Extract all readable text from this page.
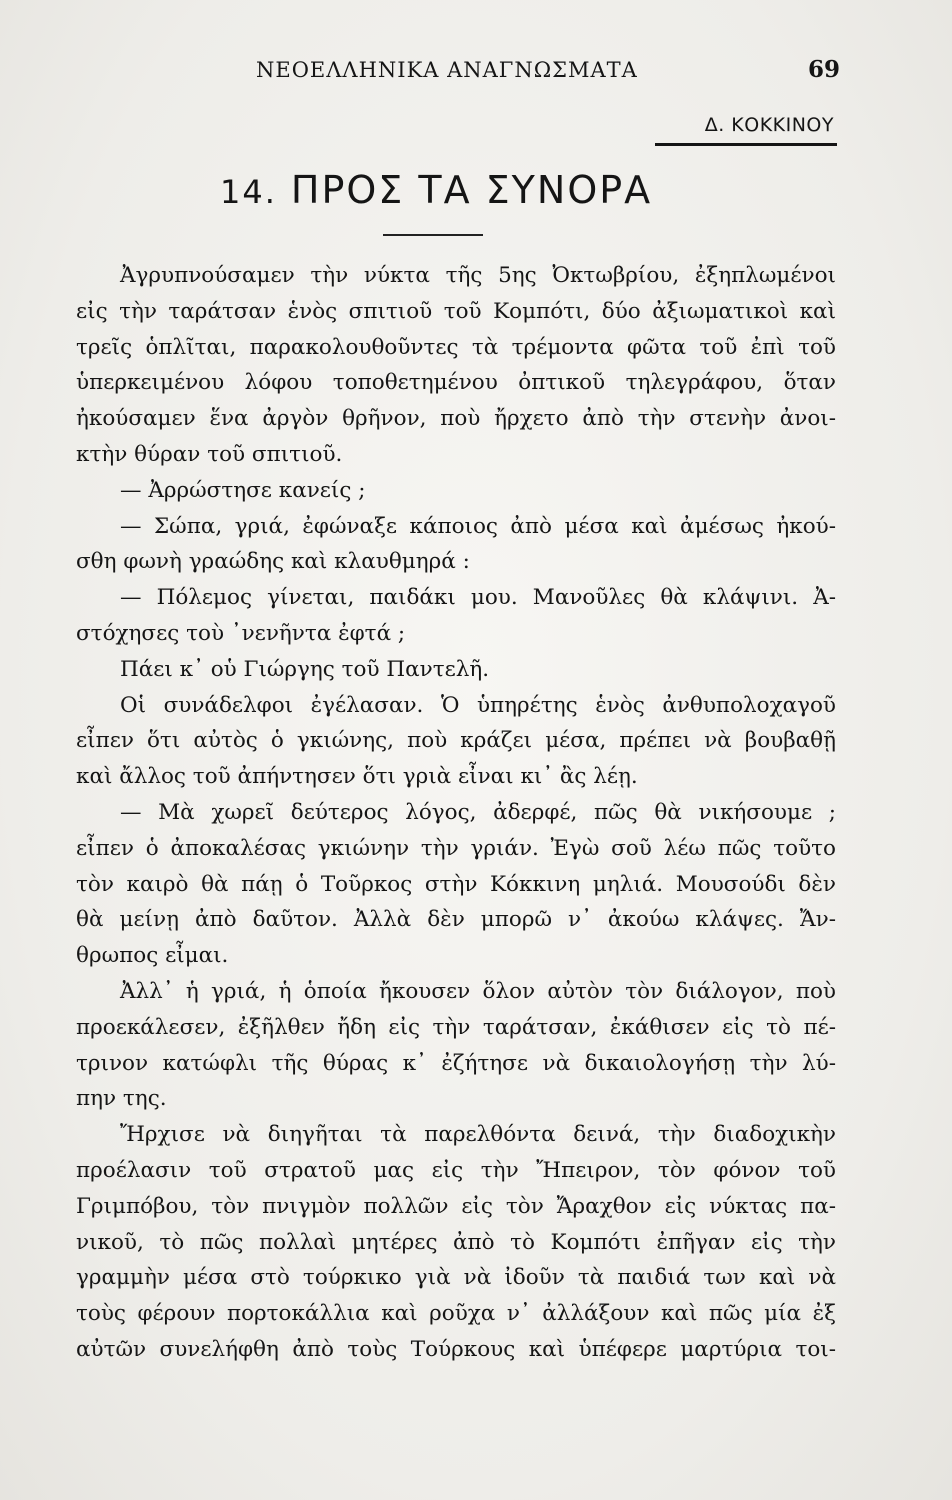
ΝΕΟΕΛΛΗΝΙΚΑ ΑΝΑΓΝΩΣΜΑΤΑ	69
Δ. ΚΟΚΚΙΝΟΥ
14. ΠΡΟΣ ΤΑ ΣΥΝΟΡΑ
Ἀγρυπνούσαμεν τὴν νύκτα τῆς 5ης Ὀκτωβρίου, ἐξηπλωμένοι
εἰς τὴν ταράτσαν ἑνὸς σπιτιοῦ τοῦ Κομπότι, δύο ἀξιωματικοὶ καὶ
τρεῖς ὁπλῖται, παρακολουθοῦντες τὰ τρέμοντα φῶτα τοῦ ἐπὶ τοῦ
ὑπερκειμένου λόφου τοποθετημένου ὀπτικοῦ τηλεγράφου, ὅταν
ἠκούσαμεν ἕνα ἀργὸν θρῆνον, ποὺ ἤρχετο ἀπὸ τὴν στενὴν ἀνοι-
κτὴν θύραν τοῦ σπιτιοῦ.
— Ἀρρώστησε κανείς ;
— Σώπα, γριά, ἐφώναξε κάποιος ἀπὸ μέσα καὶ ἀμέσως ἠκού-
σθη φωνὴ γραώδης καὶ κλαυθμηρά :
— Πόλεμος γίνεται, παιδάκι μου. Μανοῦλες θὰ κλάψινι. Ἀ-
στόχησες τοὺ ᾿νενῆντα ἐφτά ;
Πάει κ᾿ οὑ Γιώργης τοῦ Παντελῆ.
Οἱ συνάδελφοι ἐγέλασαν. Ὁ ὑπηρέτης ἑνὸς ἀνθυπολοχαγοῦ
εἶπεν ὅτι αὐτὸς ὁ γκιώνης, ποὺ κράζει μέσα, πρέπει νὰ βουβαθῇ
καὶ ἄλλος τοῦ ἀπήντησεν ὅτι γριὰ εἶναι κι᾿ ἂς λέῃ.
— Μὰ χωρεῖ δεύτερος λόγος, ἀδερφέ, πῶς θὰ νικήσουμε ;
εἶπεν ὁ ἀποκαλέσας γκιώνην τὴν γριάν. Ἐγὼ σοῦ λέω πῶς τοῦτο
τὸν καιρὸ θὰ πάῃ ὁ Τοῦρκος στὴν Κόκκινη μηλιά. Μουσούδι δὲν
θὰ μείνῃ ἀπὸ δαῦτον. Ἀλλὰ δὲν μπορῶ ν᾿ ἀκούω κλάψες. Ἄν-
θρωπος εἶμαι.
Ἀλλ᾿ ἡ γριά, ἡ ὁποία ἤκουσεν ὅλον αὐτὸν τὸν διάλογον, ποὺ
προεκάλεσεν, ἐξῆλθεν ἤδη εἰς τὴν ταράτσαν, ἐκάθισεν εἰς τὸ πέ-
τρινον κατώφλι τῆς θύρας κ᾿ ἐζήτησε νὰ δικαιολογήσῃ τὴν λύ-
πην της.
Ἤρχισε νὰ διηγῆται τὰ παρελθόντα δεινά, τὴν διαδοχικὴν
προέλασιν τοῦ στρατοῦ μας εἰς τὴν Ἤπειρον, τὸν φόνον τοῦ
Γριμπόβου, τὸν πνιγμὸν πολλῶν εἰς τὸν Ἄραχθον εἰς νύκτας πα-
νικοῦ, τὸ πῶς πολλαὶ μητέρες ἀπὸ τὸ Κομπότι ἐπῆγαν εἰς τὴν
γραμμὴν μέσα στὸ τούρκικο γιὰ νὰ ἰδοῦν τὰ παιδιά των καὶ νὰ
τοὺς φέρουν πορτοκάλλια καὶ ροῦχα ν᾿ ἀλλάξουν καὶ πῶς μία ἐξ
αὐτῶν συνελήφθη ἀπὸ τοὺς Τούρκους καὶ ὑπέφερε μαρτύρια τοι-
